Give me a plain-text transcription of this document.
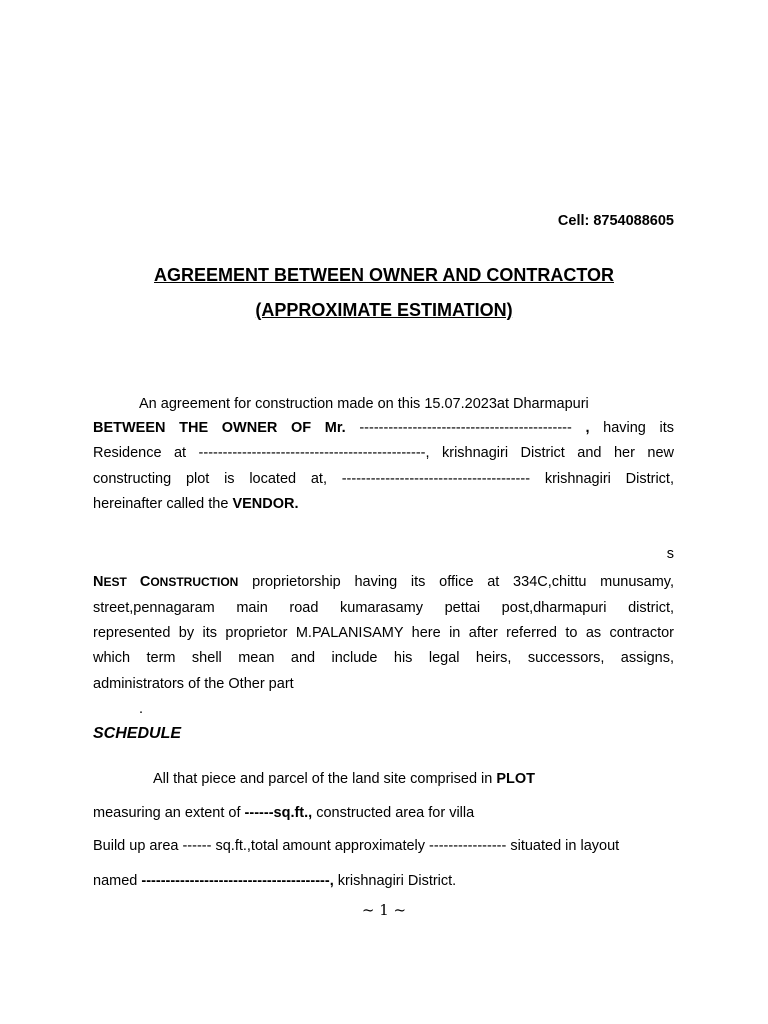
Cell: 8754088605
AGREEMENT BETWEEN OWNER AND CONTRACTOR
(APPROXIMATE ESTIMATION)
An agreement for construction made on this 15.07.2023at Dharmapuri
BETWEEN THE OWNER OF Mr. -------------------------------------------- , having its
Residence at -----------------------------------------------, krishnagiri District and her new
constructing plot is located at, --------------------------------------- krishnagiri District,
hereinafter called the VENDOR.
s
NEST CONSTRUCTION proprietorship having its office at 334C,chittu munusamy,
street,pennagaram main road kumarasamy pettai post,dharmapuri district,
represented by its proprietor M.PALANISAMY here in after referred to as contractor
which term shell mean and include his legal heirs, successors, assigns,
administrators of the Other part
.
SCHEDULE
All that piece and parcel of the land site comprised in PLOT
measuring an extent of ------sq.ft., constructed area for villa
Build up area ------ sq.ft.,total amount approximately ---------------- situated in layout
named ---------------------------------------, krishnagiri District.
~ 1 ~
